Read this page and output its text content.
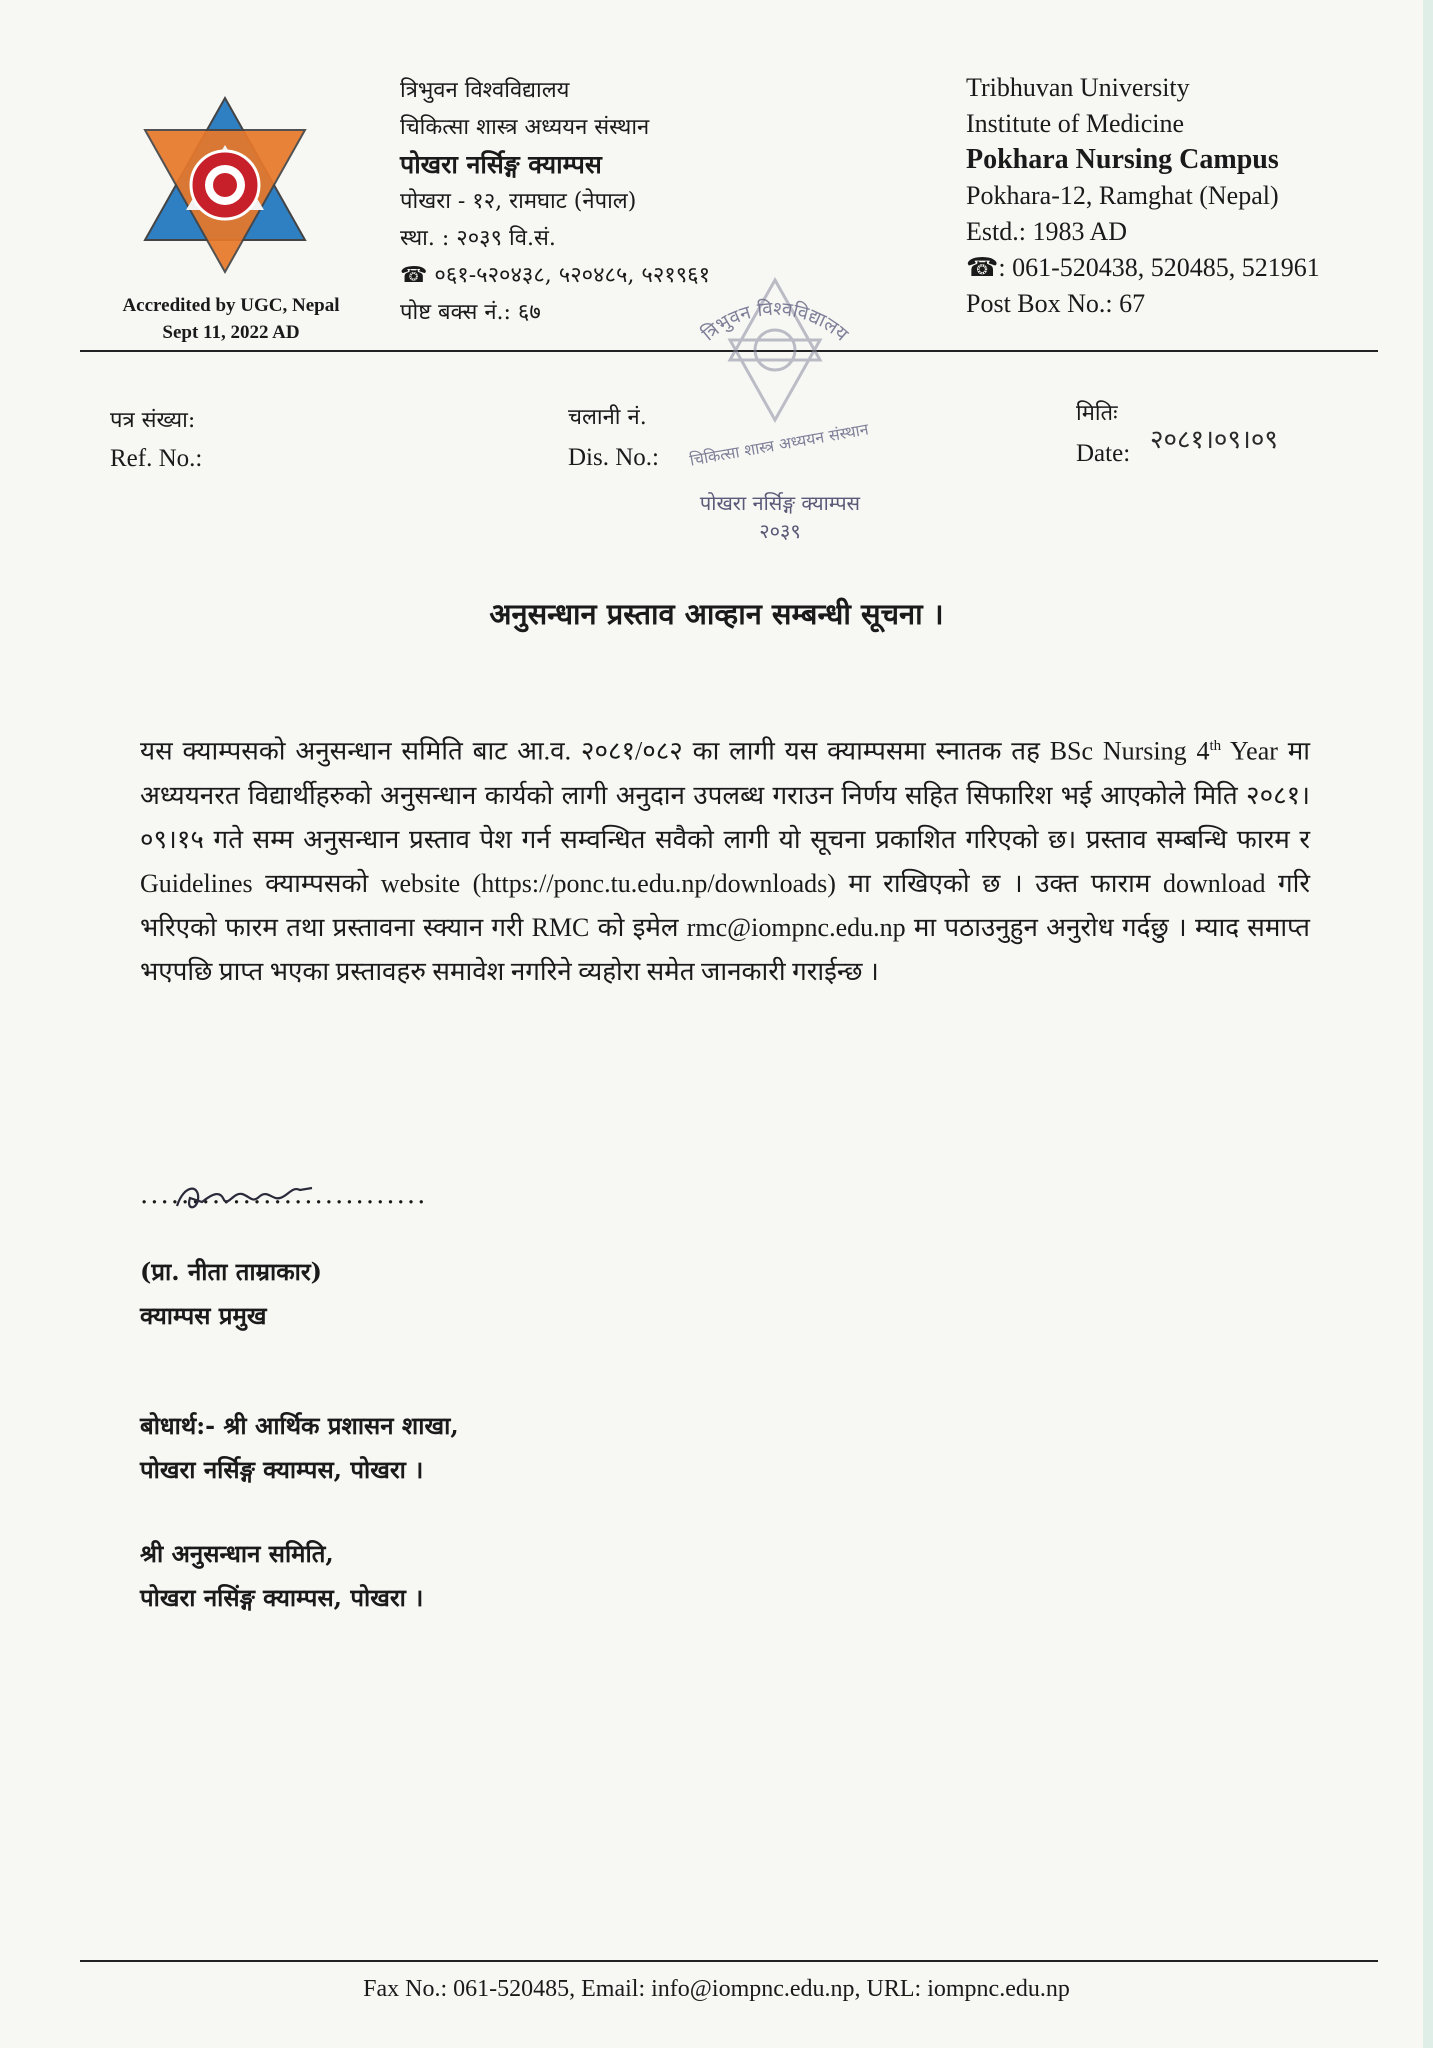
Accredited by UGC, Nepal
Sept 11, 2022 AD
त्रिभुवन विश्वविद्यालय
चिकित्सा शास्त्र अध्ययन संस्थान
पोखरा नर्सिङ्ग क्याम्पस
पोखरा - १२, रामघाट (नेपाल)
स्था. : २०३९ वि.सं.
☎ ०६१-५२०४३८, ५२०४८५, ५२१९६१
पोष्ट बक्स नं.: ६७
Tribhuvan University
Institute of Medicine
Pokhara Nursing Campus
Pokhara-12, Ramghat (Nepal)
Estd.: 1983 AD
☎: 061-520438, 520485, 521961
Post Box No.: 67
पत्र संख्या:
Ref. No.:
चलानी नं.
Dis. No.:
मितिः
Date: २०८१।०९।०९
त्रिभुवन विश्वविद्यालय
चिकित्सा शास्त्र अध्ययन संस्थान
पोखरा नर्सिङ्ग क्याम्पस
२०३९
अनुसन्धान प्रस्ताव आव्हान सम्बन्धी सूचना ।
यस क्याम्पसको अनुसन्धान समिति बाट आ.व. २०८१/०८२ का लागी यस क्याम्पसमा स्नातक तह BSc Nursing 4th Year मा अध्ययनरत विद्यार्थीहरुको अनुसन्धान कार्यको लागी अनुदान उपलब्ध गराउन निर्णय सहित सिफारिश भई आएकोले मिति २०८१।०९।१५ गते सम्म अनुसन्धान प्रस्ताव पेश गर्न सम्वन्धित सवैको लागी यो सूचना प्रकाशित गरिएको छ। प्रस्ताव सम्बन्धि फारम र Guidelines क्याम्पसको website (https://ponc.tu.edu.np/downloads) मा राखिएको छ । उक्त फाराम download गरि भरिएको फारम तथा प्रस्तावना स्क्यान गरी RMC को इमेल rmc@iompnc.edu.np मा पठाउनुहुन अनुरोध गर्दछु । म्याद समाप्त भएपछि प्राप्त भएका प्रस्तावहरु समावेश नगरिने व्यहोरा समेत जानकारी गराईन्छ ।
............................
(प्रा. नीता ताम्राकार)
क्याम्पस प्रमुख
बोधार्थ:- श्री आर्थिक प्रशासन शाखा,
पोखरा नर्सिङ्ग क्याम्पस, पोखरा ।
श्री अनुसन्धान समिति,
पोखरा नसिंङ्ग क्याम्पस, पोखरा ।
Fax No.: 061-520485, Email: info@iompnc.edu.np, URL: iompnc.edu.np
